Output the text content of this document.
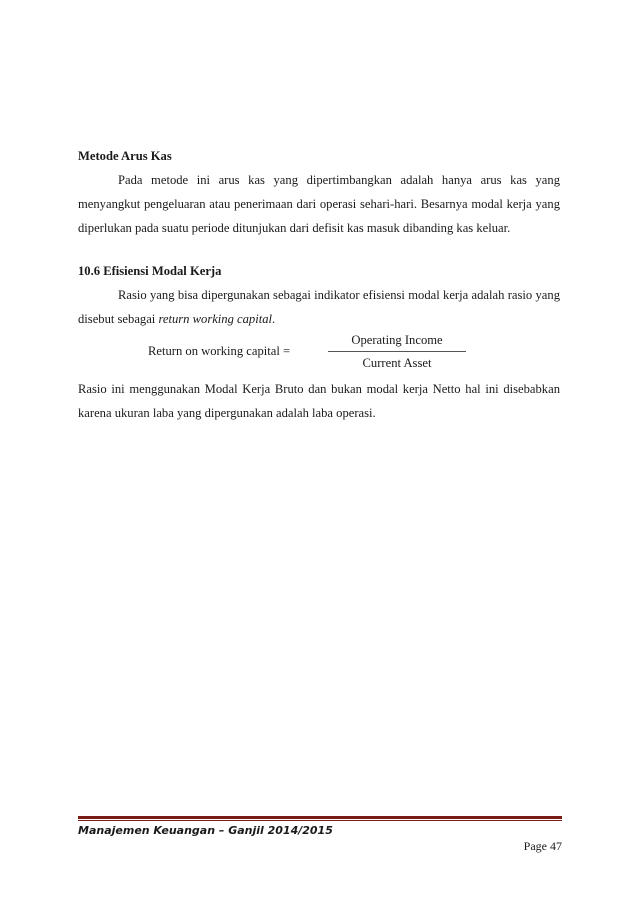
Metode Arus Kas

Pada metode ini arus kas yang dipertimbangkan adalah hanya arus kas yang menyangkut pengeluaran atau penerimaan dari operasi sehari-hari. Besarnya modal kerja yang diperlukan pada suatu periode ditunjukan dari defisit kas masuk dibanding kas keluar.

10.6 Efisiensi Modal Kerja

Rasio yang bisa dipergunakan sebagai indikator efisiensi modal kerja adalah rasio yang disebut sebagai return working capital.

Return on working capital =
Operating Income
Current Asset

Rasio ini menggunakan Modal Kerja Bruto dan bukan modal kerja Netto hal ini disebabkan karena ukuran laba yang dipergunakan adalah laba operasi.

Manajemen Keuangan – Ganjil 2014/2015
Page 47
